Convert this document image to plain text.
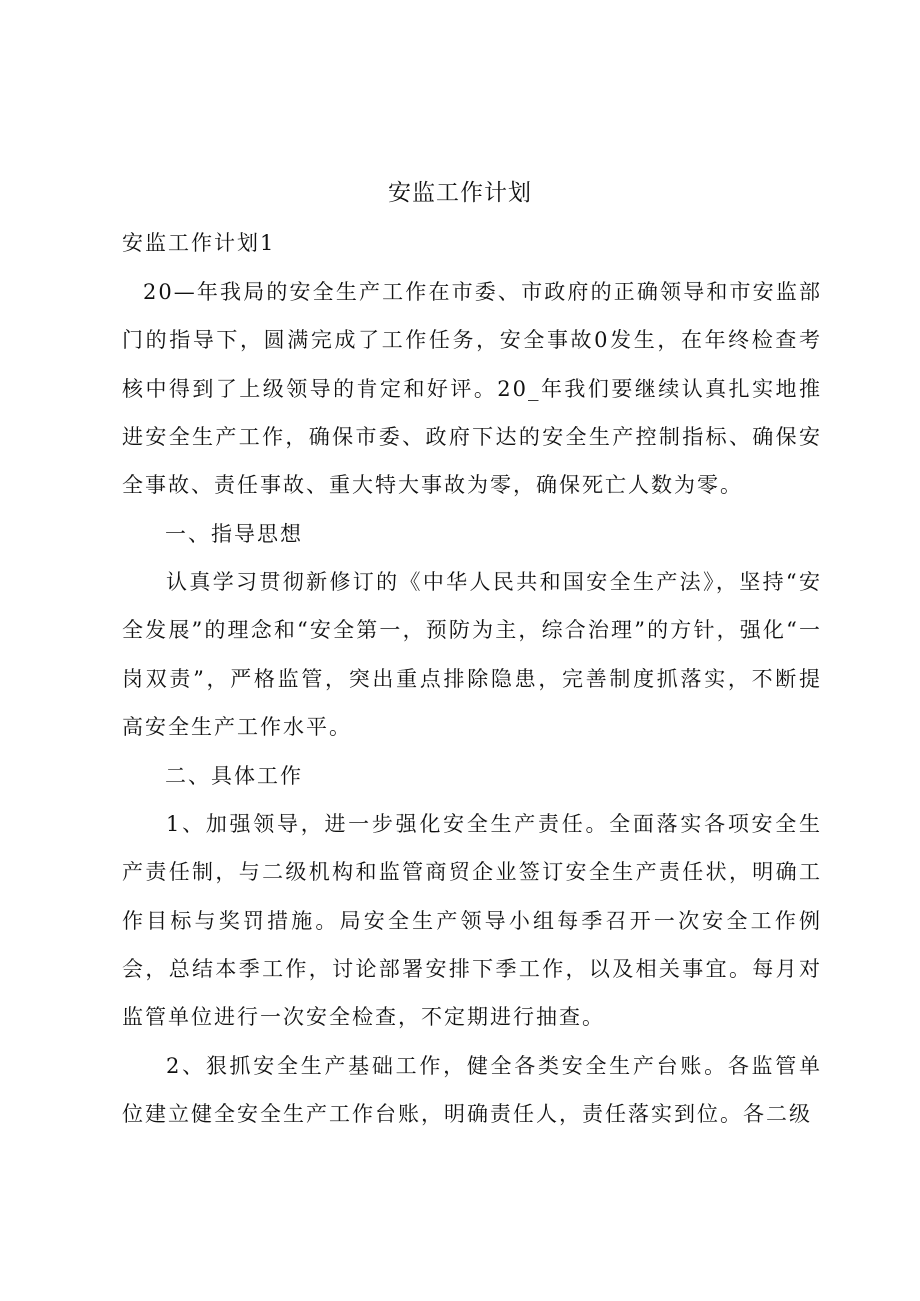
安监工作计划
安监工作计划1

20—年我局的安全生产工作在市委、市政府的正确领导和市安监部门的指导下，圆满完成了工作任务，安全事故0发生，在年终检查考核中得到了上级领导的肯定和好评。20_年我们要继续认真扎实地推进安全生产工作，确保市委、政府下达的安全生产控制指标、确保安全事故、责任事故、重大特大事故为零，确保死亡人数为零。

一、指导思想

认真学习贯彻新修订的《中华人民共和国安全生产法》，坚持“安全发展”的理念和“安全第一，预防为主，综合治理”的方针，强化“一岗双责”，严格监管，突出重点排除隐患，完善制度抓落实，不断提高安全生产工作水平。

二、具体工作

1、加强领导，进一步强化安全生产责任。全面落实各项安全生产责任制，与二级机构和监管商贸企业签订安全生产责任状，明确工作目标与奖罚措施。局安全生产领导小组每季召开一次安全工作例会，总结本季工作，讨论部署安排下季工作，以及相关事宜。每月对监管单位进行一次安全检查，不定期进行抽查。

2、狠抓安全生产基础工作，健全各类安全生产台账。各监管单位建立健全安全生产工作台账，明确责任人，责任落实到位。各二级
